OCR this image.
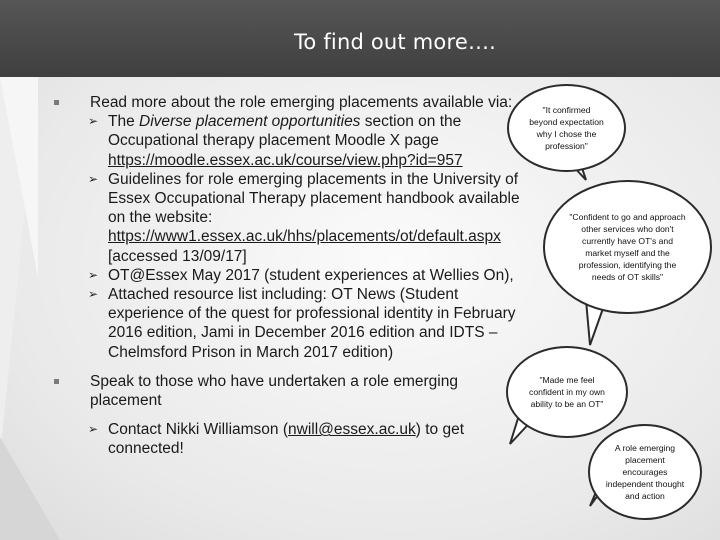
To find out more….
Read more about the role emerging placements available via:
➢ The Diverse placement opportunities section on the Occupational therapy placement Moodle X page https://moodle.essex.ac.uk/course/view.php?id=957
➢ Guidelines for role emerging placements in the University of Essex Occupational Therapy placement handbook available on the website: https://www1.essex.ac.uk/hhs/placements/ot/default.aspx [accessed 13/09/17]
➢ OT@Essex May 2017 (student experiences at Wellies On),
➢ Attached resource list including: OT News (Student experience of the quest for professional identity in February 2016 edition, Jami in December 2016 edition and IDTS – Chelmsford Prison in March 2017 edition)
Speak to those who have undertaken a role emerging placement
➢ Contact Nikki Williamson (nwill@essex.ac.uk) to get connected!
"It confirmed beyond expectation why I chose the profession"
"Confident to go and approach other services who don't currently have OT's and market myself and the profession, identifying the needs of OT skills"
"Made me feel confident in my own ability to be an OT"
A role emerging placement encourages independent thought and action
